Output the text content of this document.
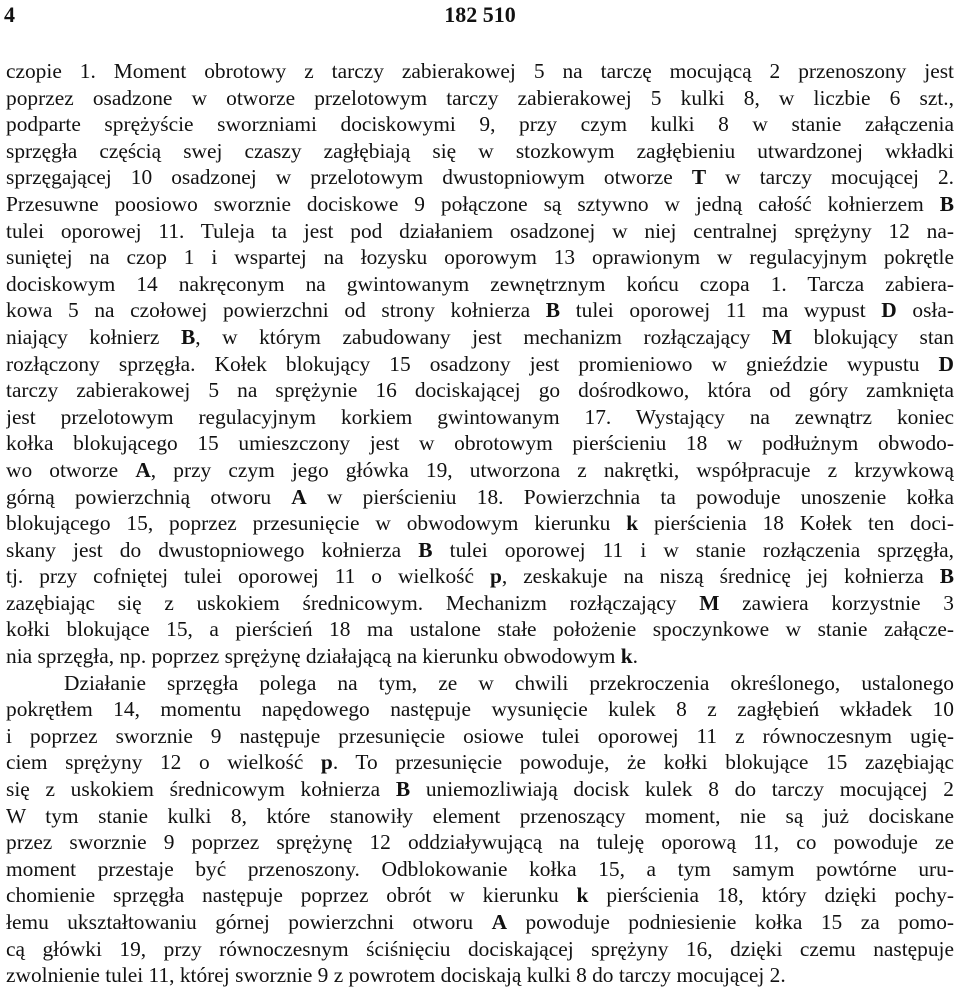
4	182 510
czopie 1. Moment obrotowy z tarczy zabierakowej 5 na tarczę mocującą 2 przenoszony jest
poprzez osadzone w otworze przelotowym tarczy zabierakowej 5 kulki 8, w liczbie 6 szt.,
podparte sprężyście sworzniami dociskowymi 9, przy czym kulki 8 w stanie załączenia
sprzęgła częścią swej czaszy zagłębiają się w stozkowym zagłębieniu utwardzonej wkładki
sprzęgającej 10 osadzonej w przelotowym dwustopniowym otworze T w tarczy mocującej 2.
Przesuwne poosiowo sworznie dociskowe 9 połączone są sztywno w jedną całość kołnierzem B
tulei oporowej 11. Tuleja ta jest pod działaniem osadzonej w niej centralnej sprężyny 12 na-
suniętej na czop 1 i wspartej na łozysku oporowym 13 oprawionym w regulacyjnym pokrętle
dociskowym 14 nakręconym na gwintowanym zewnętrznym końcu czopa 1. Tarcza zabiera-
kowa 5 na czołowej powierzchni od strony kołnierza B tulei oporowej 11 ma wypust D osła-
niający kołnierz B, w którym zabudowany jest mechanizm rozłączający M blokujący stan
rozłączony sprzęgła. Kołek blokujący 15 osadzony jest promieniowo w gnieździe wypustu D
tarczy zabierakowej 5 na sprężynie 16 dociskającej go dośrodkowo, która od góry zamknięta
jest przelotowym regulacyjnym korkiem gwintowanym 17. Wystający na zewnątrz koniec
kołka blokującego 15 umieszczony jest w obrotowym pierścieniu 18 w podłużnym obwodo-
wo otworze A, przy czym jego główka 19, utworzona z nakrętki, współpracuje z krzywkową
górną powierzchnią otworu A w pierścieniu 18. Powierzchnia ta powoduje unoszenie kołka
blokującego 15, poprzez przesunięcie w obwodowym kierunku k pierścienia 18 Kołek ten doci-
skany jest do dwustopniowego kołnierza B tulei oporowej 11 i w stanie rozłączenia sprzęgła,
tj. przy cofniętej tulei oporowej 11 o wielkość p, zeskakuje na niszą średnicę jej kołnierza B
zazębiając się z uskokiem średnicowym. Mechanizm rozłączający M zawiera korzystnie 3
kołki blokujące 15, a pierścień 18 ma ustalone stałe położenie spoczynkowe w stanie załącze-
nia sprzęgła, np. poprzez sprężynę działającą na kierunku obwodowym k.
Działanie sprzęgła polega na tym, ze w chwili przekroczenia określonego, ustalonego
pokrętłem 14, momentu napędowego następuje wysunięcie kulek 8 z zagłębień wkładek 10
i poprzez sworznie 9 następuje przesunięcie osiowe tulei oporowej 11 z równoczesnym ugię-
ciem sprężyny 12 o wielkość p. To przesunięcie powoduje, że kołki blokujące 15 zazębiając
się z uskokiem średnicowym kołnierza B uniemozliwiają docisk kulek 8 do tarczy mocującej 2
W tym stanie kulki 8, które stanowiły element przenoszący moment, nie są już dociskane
przez sworznie 9 poprzez sprężynę 12 oddziaływującą na tuleję oporową 11, co powoduje ze
moment przestaje być przenoszony. Odblokowanie kołka 15, a tym samym powtórne uru-
chomienie sprzęgła następuje poprzez obrót w kierunku k pierścienia 18, który dzięki pochy-
łemu ukształtowaniu górnej powierzchni otworu A powoduje podniesienie kołka 15 za pomo-
cą główki 19, przy równoczesnym ściśnięciu dociskającej sprężyny 16, dzięki czemu następuje
zwolnienie tulei 11, której sworznie 9 z powrotem dociskają kulki 8 do tarczy mocującej 2.
